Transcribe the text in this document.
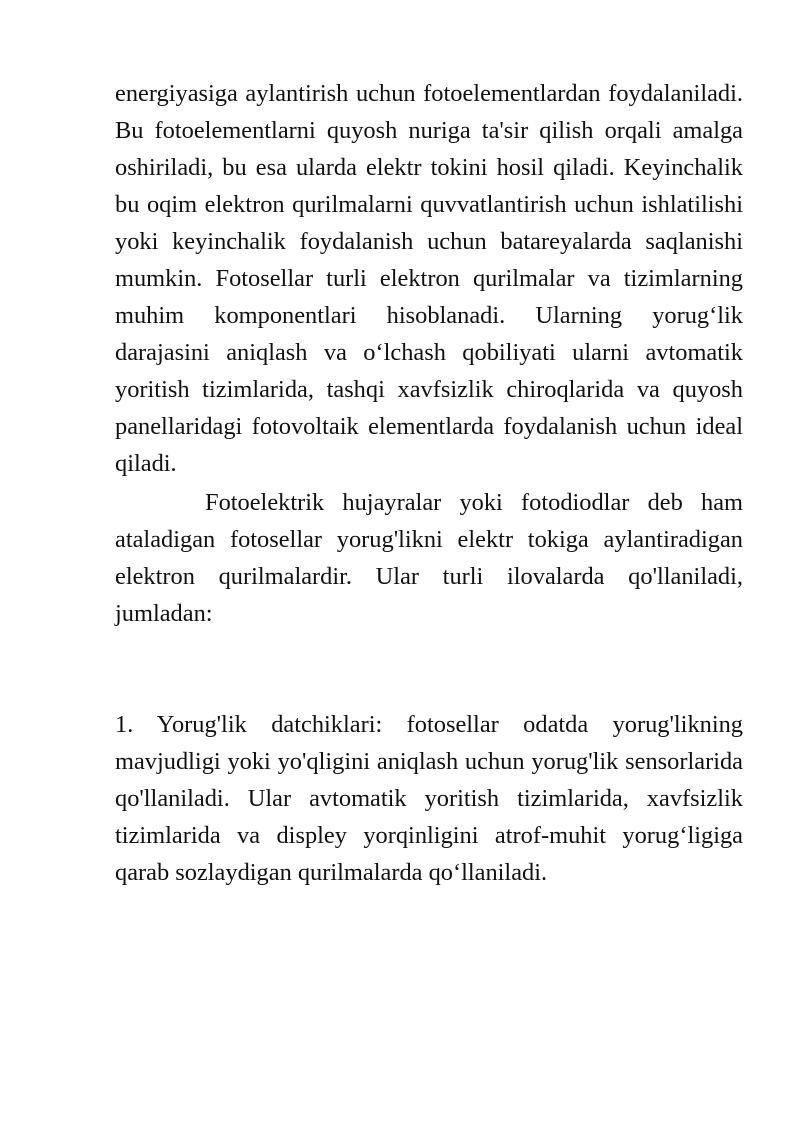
energiyasiga aylantirish uchun fotoelementlardan foydalaniladi. Bu fotoelementlarni quyosh nuriga ta'sir qilish orqali amalga oshiriladi, bu esa ularda elektr tokini hosil qiladi. Keyinchalik bu oqim elektron qurilmalarni quvvatlantirish uchun ishlatilishi yoki keyinchalik foydalanish uchun batareyalarda saqlanishi mumkin. Fotosellar turli elektron qurilmalar va tizimlarning muhim komponentlari hisoblanadi. Ularning yorug‘lik darajasini aniqlash va o‘lchash qobiliyati ularni avtomatik yoritish tizimlarida, tashqi xavfsizlik chiroqlarida va quyosh panellaridagi fotovoltaik elementlarda foydalanish uchun ideal qiladi.

Fotoelektrik hujayralar yoki fotodiodlar deb ham ataladigan fotosellar yorug'likni elektr tokiga aylantiradigan elektron qurilmalardir. Ular turli ilovalarda qo'llaniladi, jumladan:

1. Yorug'lik datchiklari: fotosellar odatda yorug'likning mavjudligi yoki yo'qligini aniqlash uchun yorug'lik sensorlarida qo'llaniladi. Ular avtomatik yoritish tizimlarida, xavfsizlik tizimlarida va displey yorqinligini atrof-muhit yorug‘ligiga qarab sozlaydigan qurilmalarda qo‘llaniladi.
